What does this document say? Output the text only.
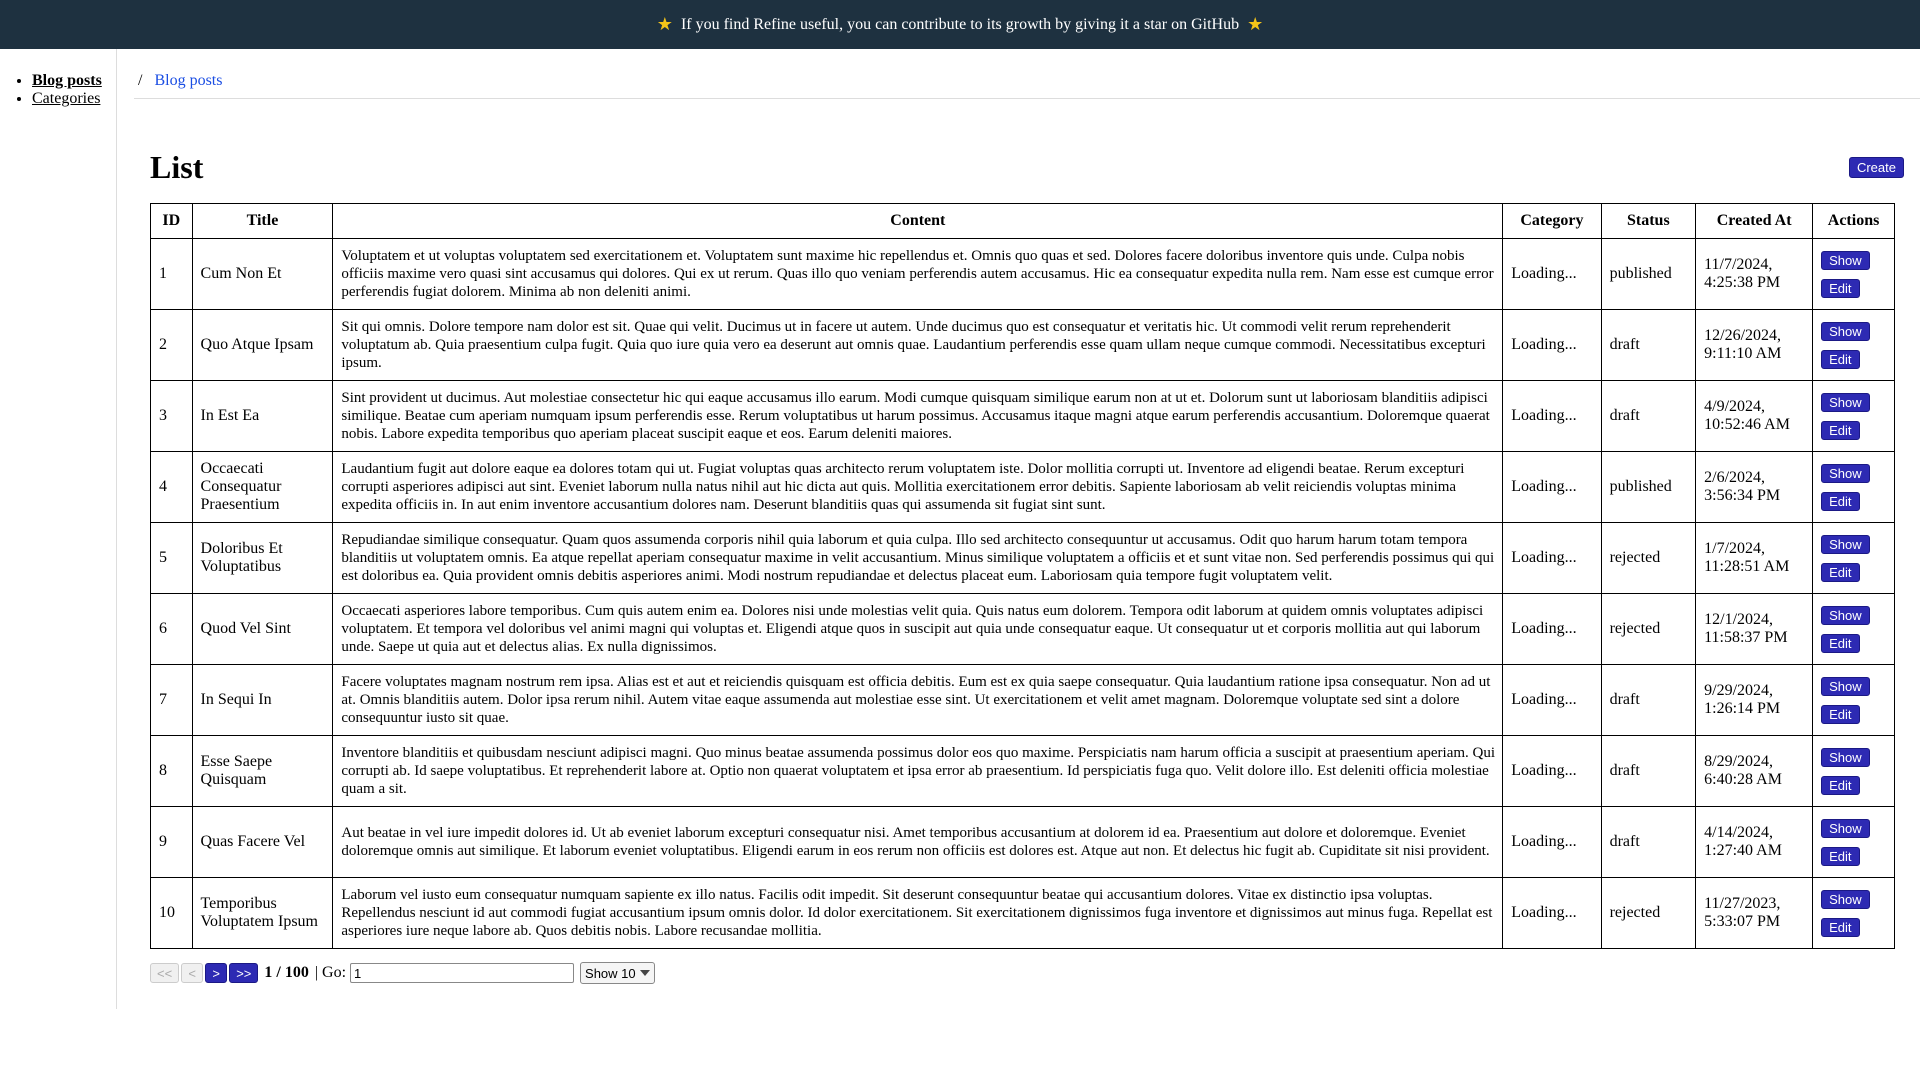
★ If you find Refine useful, you can contribute to its growth by giving it a star on GitHub ★
• Blog posts
• Categories
/ Blog posts
List	Create
ID	Title	Content	Category	Status	Created At	Actions
1	Cum Non Et	Voluptatem et ut voluptas voluptatem sed exercitationem et. Voluptatem sunt maxime hic repellendus et. Omnis quo quas et sed. Dolores facere doloribus inventore quis unde. Culpa nobis officiis maxime vero quasi sint accusamus qui dolores. Qui ex ut rerum. Quas illo quo veniam perferendis autem accusamus. Hic ea consequatur expedita nulla rem. Nam esse est cumque error perferendis fugiat dolorem. Minima ab non deleniti animi.	Loading...	published	11/7/2024, 4:25:38 PM	Show
Edit

2	Quo Atque Ipsam	Sit qui omnis. Dolore tempore nam dolor est sit. Quae qui velit. Ducimus ut in facere ut autem. Unde ducimus quo est consequatur et veritatis hic. Ut commodi velit rerum reprehenderit voluptatum ab. Quia praesentium culpa fugit. Quia quo iure quia vero ea deserunt aut omnis quae. Laudantium perferendis esse quam ullam neque cumque commodi. Necessitatibus excepturi ipsum.	Loading...	draft	12/26/2024, 9:11:10 AM	Show
Edit

3	In Est Ea	Sint provident ut ducimus. Aut molestiae consectetur hic qui eaque accusamus illo earum. Modi cumque quisquam similique earum non at ut et. Dolorum sunt ut laboriosam blanditiis adipisci similique. Beatae cum aperiam numquam ipsum perferendis esse. Rerum voluptatibus ut harum possimus. Accusamus itaque magni atque earum perferendis accusantium. Doloremque quaerat nobis. Labore expedita temporibus quo aperiam placeat suscipit eaque et eos. Earum deleniti maiores.	Loading...	draft	4/9/2024, 10:52:46 AM	Show
Edit

4	Occaecati Consequatur Praesentium	Laudantium fugit aut dolore eaque ea dolores totam qui ut. Fugiat voluptas quas architecto rerum voluptatem iste. Dolor mollitia corrupti ut. Inventore ad eligendi beatae. Rerum excepturi corrupti asperiores adipisci aut sint. Eveniet laborum nulla natus nihil aut hic dicta aut quis. Mollitia exercitationem error debitis. Sapiente laboriosam ab velit reiciendis voluptas minima expedita officiis in. In aut enim inventore accusantium dolores nam. Deserunt blanditiis quas qui assumenda sit fugiat sint sunt.	Loading...	published	2/6/2024, 3:56:34 PM	Show
Edit

5	Doloribus Et Voluptatibus	Repudiandae similique consequatur. Quam quos assumenda corporis nihil quia laborum et quia culpa. Illo sed architecto consequuntur ut accusamus. Odit quo harum harum totam tempora blanditiis ut voluptatem omnis. Ea atque repellat aperiam consequatur maxime in velit accusantium. Minus similique voluptatem a officiis et et sunt vitae non. Sed perferendis possimus qui qui est doloribus ea. Quia provident omnis debitis asperiores animi. Modi nostrum repudiandae et delectus placeat eum. Laboriosam quia tempore fugit voluptatem velit.	Loading...	rejected	1/7/2024, 11:28:51 AM	Show
Edit

6	Quod Vel Sint	Occaecati asperiores labore temporibus. Cum quis autem enim ea. Dolores nisi unde molestias velit quia. Quis natus eum dolorem. Tempora odit laborum at quidem omnis voluptates adipisci voluptatem. Et tempora vel doloribus vel animi magni qui voluptas et. Eligendi atque quos in suscipit aut quia unde consequatur eaque. Ut consequatur ut et corporis mollitia aut qui laborum unde. Saepe ut quia aut et delectus alias. Ex nulla dignissimos.	Loading...	rejected	12/1/2024, 11:58:37 PM	Show
Edit

7	In Sequi In	Facere voluptates magnam nostrum rem ipsa. Alias est et aut et reiciendis quisquam est officia debitis. Eum est ex quia saepe consequatur. Quia laudantium ratione ipsa consequatur. Non ad ut at. Omnis blanditiis autem. Dolor ipsa rerum nihil. Autem vitae eaque assumenda aut molestiae esse sint. Ut exercitationem et velit amet magnam. Doloremque voluptate sed sint a dolore consequuntur iusto sit quae.	Loading...	draft	9/29/2024, 1:26:14 PM	Show
Edit

8	Esse Saepe Quisquam	Inventore blanditiis et quibusdam nesciunt adipisci magni. Quo minus beatae assumenda possimus dolor eos quo maxime. Perspiciatis nam harum officia a suscipit at praesentium aperiam. Qui corrupti ab. Id saepe voluptatibus. Et reprehenderit labore at. Optio non quaerat voluptatem et ipsa error ab praesentium. Id perspiciatis fuga quo. Velit dolore illo. Est deleniti officia molestiae quam a sit.	Loading...	draft	8/29/2024, 6:40:28 AM	Show
Edit

9	Quas Facere Vel	Aut beatae in vel iure impedit dolores id. Ut ab eveniet laborum excepturi consequatur nisi. Amet temporibus accusantium at dolorem id ea. Praesentium aut dolore et doloremque. Eveniet doloremque omnis aut similique. Et laborum eveniet voluptatibus. Eligendi earum in eos rerum non officiis est dolores est. Atque aut non. Et delectus hic fugit ab. Cupiditate sit nisi provident.	Loading...	draft	4/14/2024, 1:27:40 AM	Show
Edit

10	Temporibus Voluptatem Ipsum	Laborum vel iusto eum consequatur numquam sapiente ex illo natus. Facilis odit impedit. Sit deserunt consequuntur beatae qui accusantium dolores. Vitae ex distinctio ipsa voluptas. Repellendus nesciunt id aut commodi fugiat accusantium ipsum omnis dolor. Id dolor exercitationem. Sit exercitationem dignissimos fuga inventore et dignissimos aut minus fuga. Repellat est asperiores iure neque labore ab. Quos debitis nobis. Labore recusandae mollitia.	Loading...	rejected	11/27/2023, 5:33:07 PM	Show
Edit
<<	<	>	>> 1 / 100 | Go:
1	Show 10
